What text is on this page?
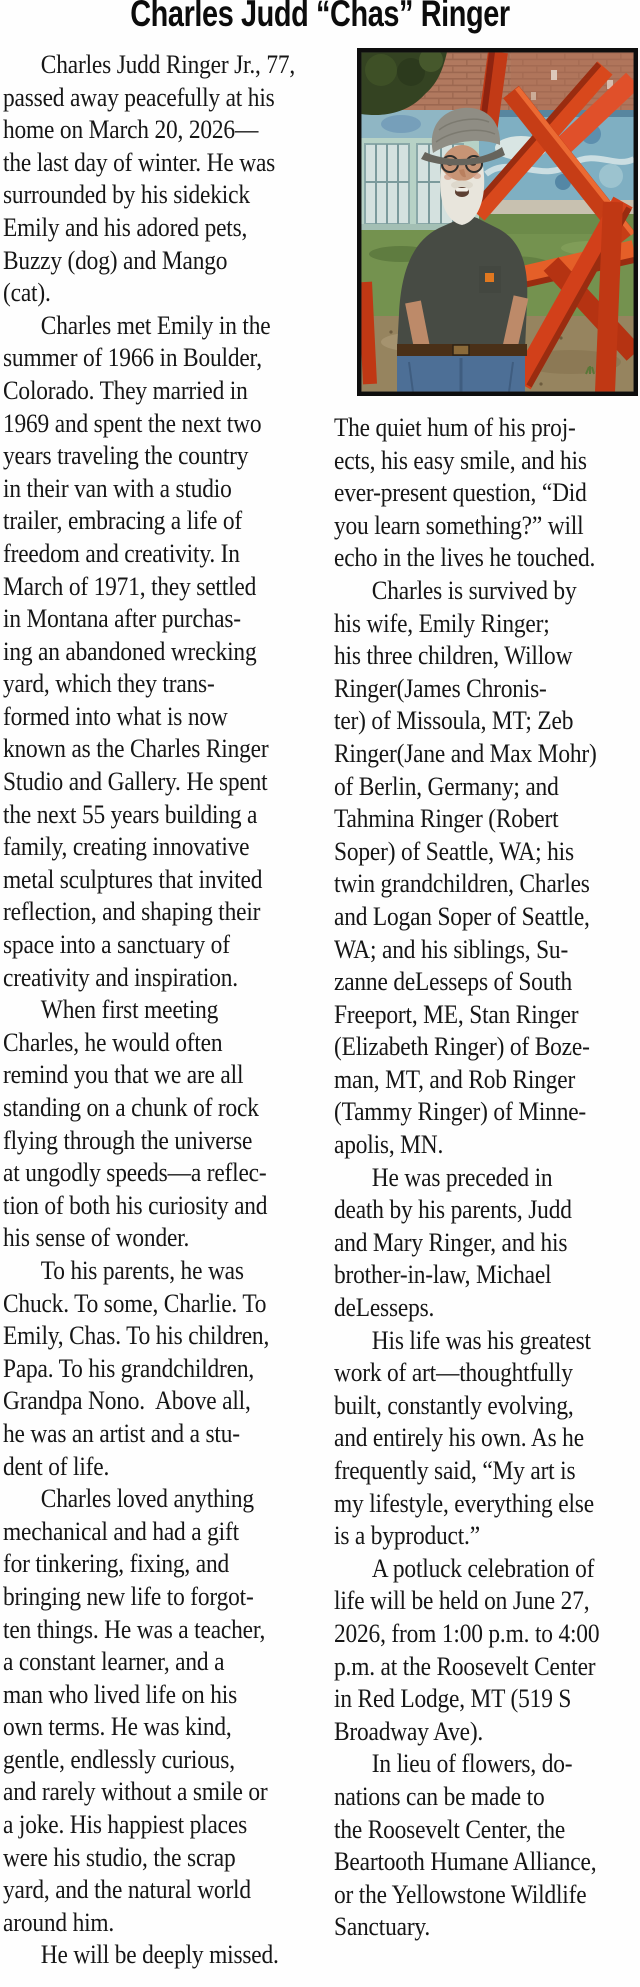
Charles Judd “Chas” Ringer
Charles Judd Ringer Jr., 77,
passed away peacefully at his
home on March 20, 2026—
the last day of winter. He was
surrounded by his sidekick
Emily and his adored pets,
Buzzy (dog) and Mango
(cat).
Charles met Emily in the
summer of 1966 in Boulder,
Colorado. They married in
1969 and spent the next two
years traveling the country
in their van with a studio
trailer, embracing a life of
freedom and creativity. In
March of 1971, they settled
in Montana after purchas-
ing an abandoned wrecking
yard, which they trans-
formed into what is now
known as the Charles Ringer
Studio and Gallery. He spent
the next 55 years building a
family, creating innovative
metal sculptures that invited
reflection, and shaping their
space into a sanctuary of
creativity and inspiration.
When first meeting
Charles, he would often
remind you that we are all
standing on a chunk of rock
flying through the universe
at ungodly speeds—a reflec-
tion of both his curiosity and
his sense of wonder.
To his parents, he was
Chuck. To some, Charlie. To
Emily, Chas. To his children,
Papa. To his grandchildren,
Grandpa Nono.  Above all,
he was an artist and a stu-
dent of life.
Charles loved anything
mechanical and had a gift
for tinkering, fixing, and
bringing new life to forgot-
ten things. He was a teacher,
a constant learner, and a
man who lived life on his
own terms. He was kind,
gentle, endlessly curious,
and rarely without a smile or
a joke. His happiest places
were his studio, the scrap
yard, and the natural world
around him.
He will be deeply missed.
The quiet hum of his proj-
ects, his easy smile, and his
ever-present question, “Did
you learn something?” will
echo in the lives he touched.
Charles is survived by
his wife, Emily Ringer;
his three children, Willow
Ringer(James Chronis-
ter) of Missoula, MT; Zeb
Ringer(Jane and Max Mohr)
of Berlin, Germany; and
Tahmina Ringer (Robert
Soper) of Seattle, WA; his
twin grandchildren, Charles
and Logan Soper of Seattle,
WA; and his siblings, Su-
zanne deLesseps of South
Freeport, ME, Stan Ringer
(Elizabeth Ringer) of Boze-
man, MT, and Rob Ringer
(Tammy Ringer) of Minne-
apolis, MN.
He was preceded in
death by his parents, Judd
and Mary Ringer, and his
brother-in-law, Michael
deLesseps.
His life was his greatest
work of art—thoughtfully
built, constantly evolving,
and entirely his own. As he
frequently said, “My art is
my lifestyle, everything else
is a byproduct.”
A potluck celebration of
life will be held on June 27,
2026, from 1:00 p.m. to 4:00
p.m. at the Roosevelt Center
in Red Lodge, MT (519 S
Broadway Ave).
In lieu of flowers, do-
nations can be made to
the Roosevelt Center, the
Beartooth Humane Alliance,
or the Yellowstone Wildlife
Sanctuary.
